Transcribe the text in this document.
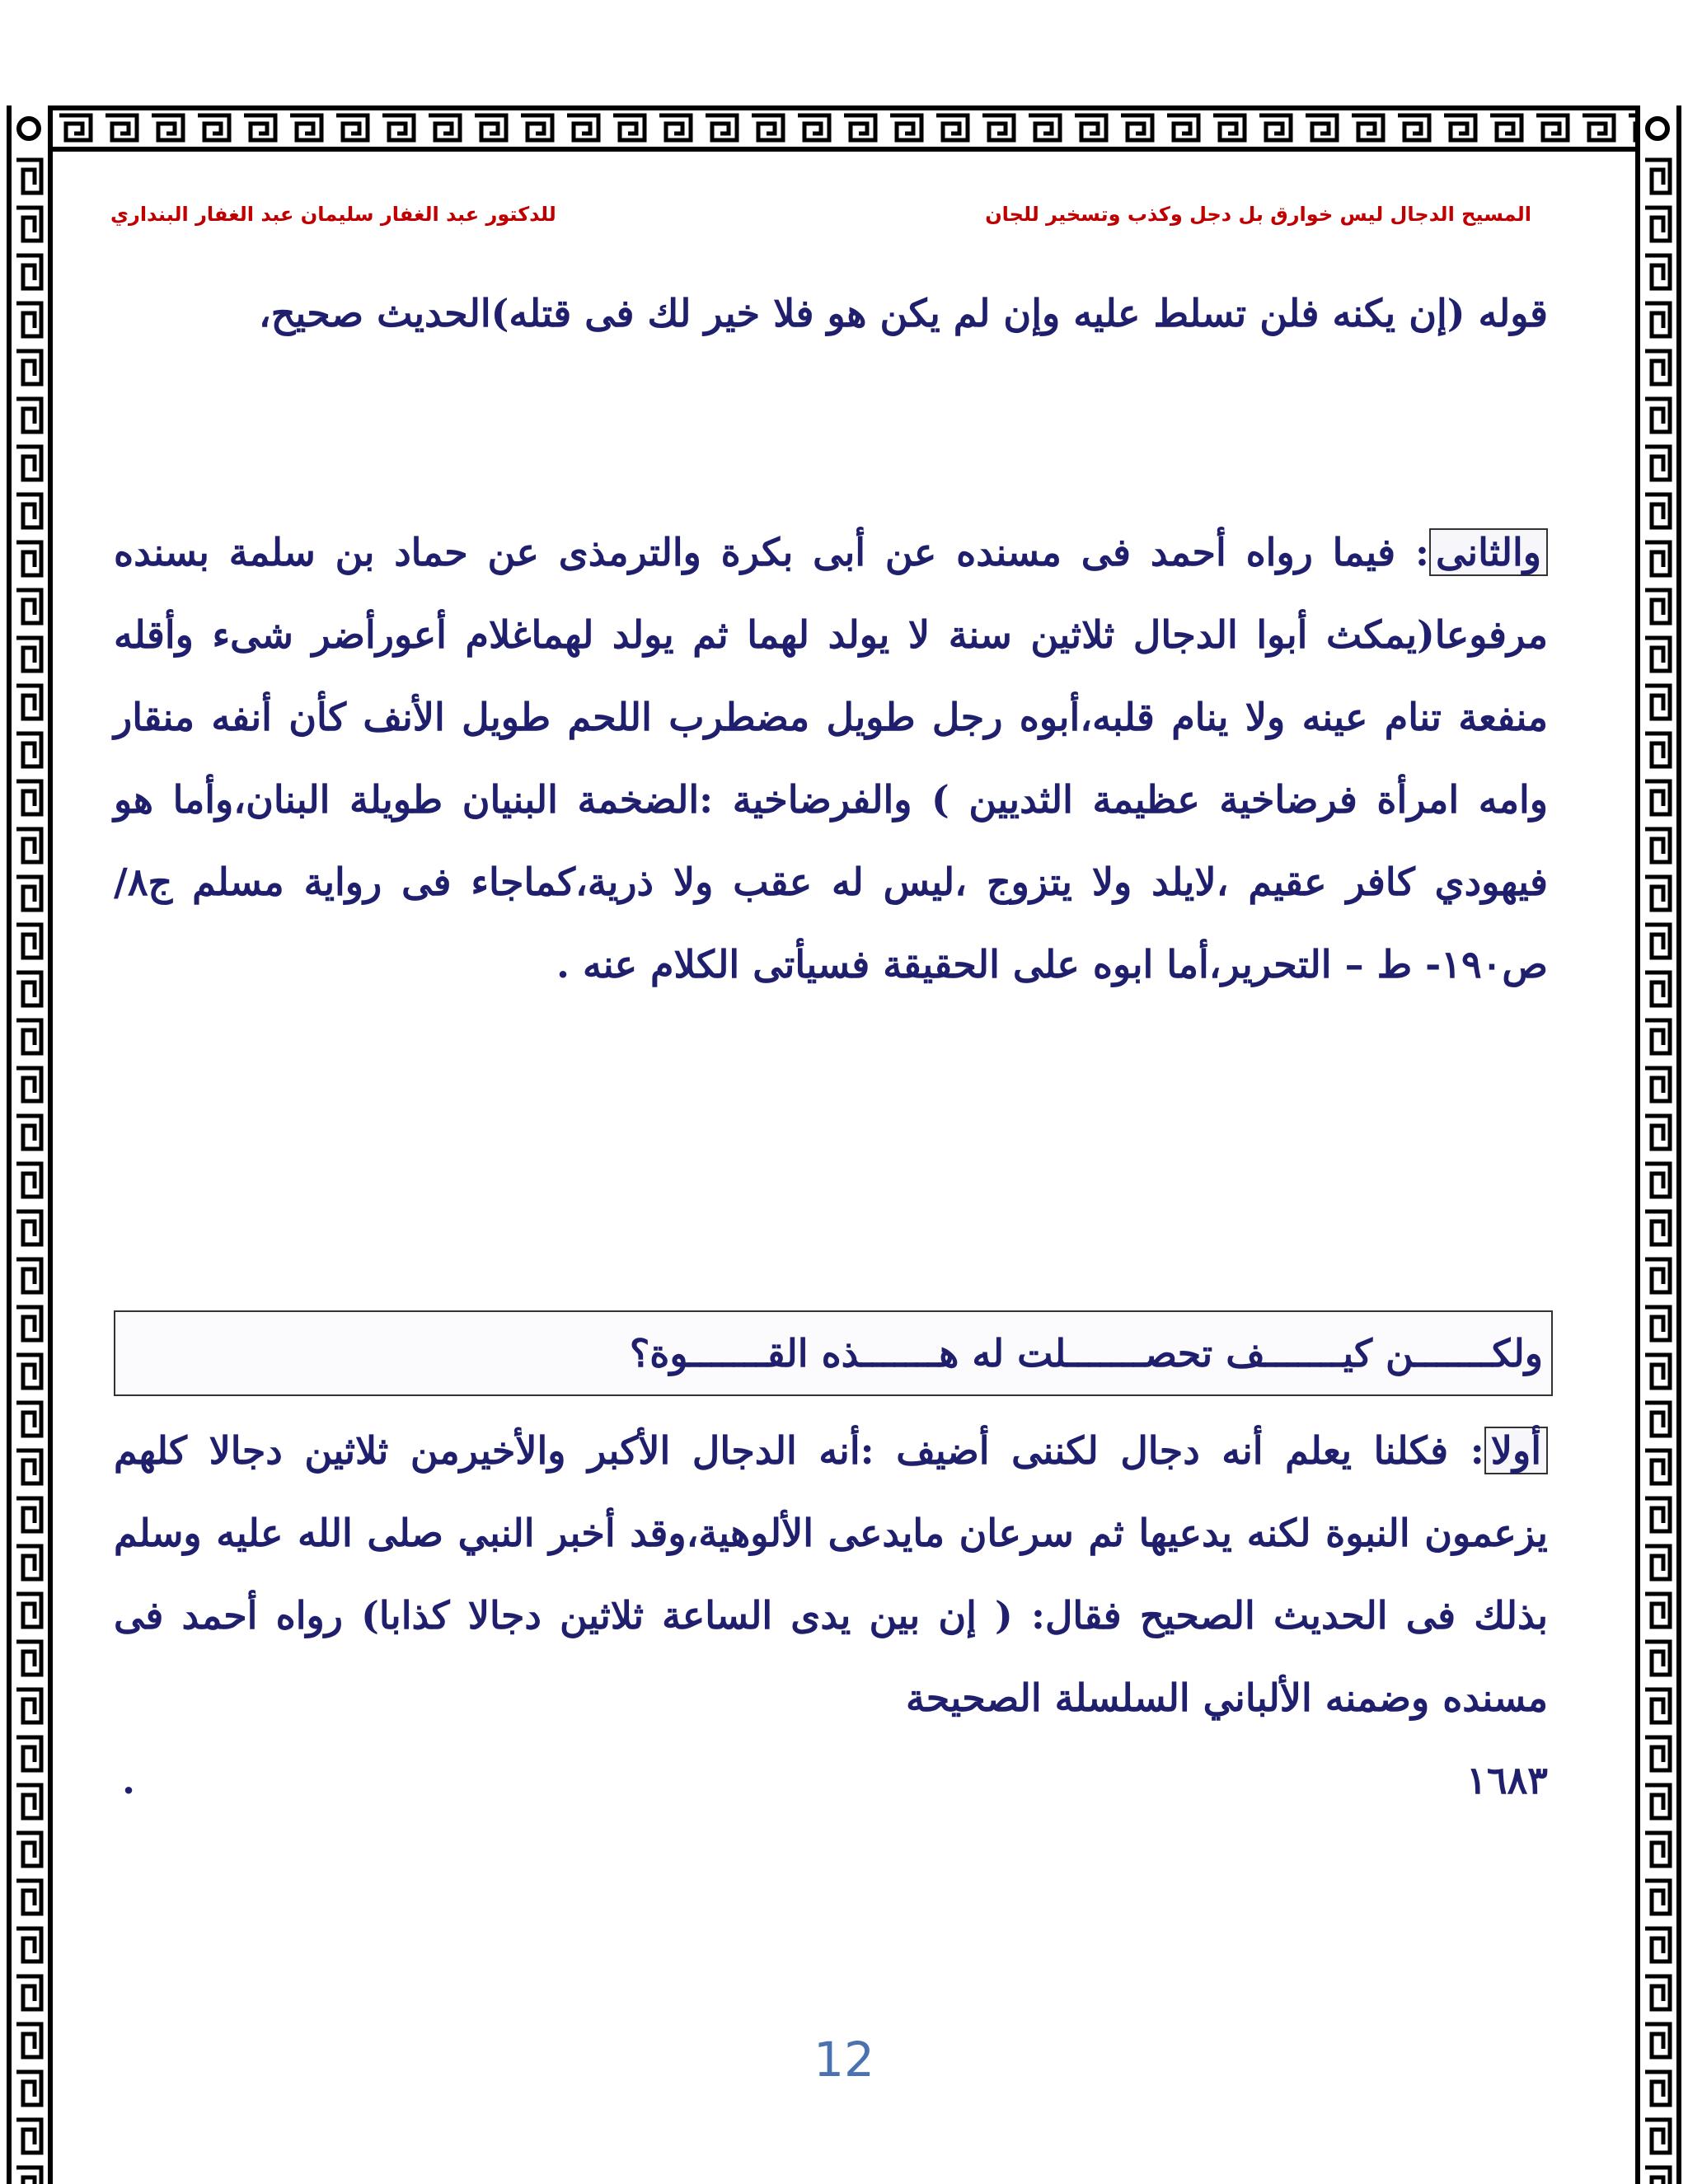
المسيح الدجال ليس خوارق بل دجل وكذب وتسخير للجان
للدكتور عبد الغفار سليمان عبد الغفار البنداري

قوله (إن يكنه فلن تسلط عليه وإن لم يكن هو فلا خير لك فى قتله)الحديث صحيح،

والثانى: فيما رواه أحمد فى مسنده عن أبى بكرة والترمذى عن حماد بن سلمة بسنده مرفوعا(يمكث أبوا الدجال ثلاثين سنة لا يولد لهما ثم يولد لهماغلام أعورأضر شىء وأقله منفعة تنام عينه ولا ينام قلبه،أبوه رجل طويل مضطرب اللحم طويل الأنف كأن أنفه منقار وامه امرأة فرضاخية عظيمة الثديين ) والفرضاخية :الضخمة البنيان طويلة البنان،وأما هو فيهودي كافر عقيم ،لايلد ولا يتزوج ،ليس له عقب ولا ذرية،كماجاء فى رواية مسلم ج٨/ص١٩٠- ط – التحرير،أما ابوه على الحقيقة فسيأتى الكلام عنه .

ولكـــــــن كيـــــــف تحصـــــــلت له هـــــــذه القـــــــوة؟

أولا: فكلنا يعلم أنه دجال لكننى أضيف :أنه الدجال الأكبر والأخيرمن ثلاثين دجالا كلهم يزعمون النبوة لكنه يدعيها ثم سرعان مايدعى الألوهية،وقد أخبر النبي صلى الله عليه وسلم بذلك فى الحديث الصحيح فقال: ( إن بين يدى الساعة ثلاثين دجالا كذابا) رواه أحمد فى مسنده وضمنه الألباني السلسلة الصحيحة

١٦٨٣
.
12
